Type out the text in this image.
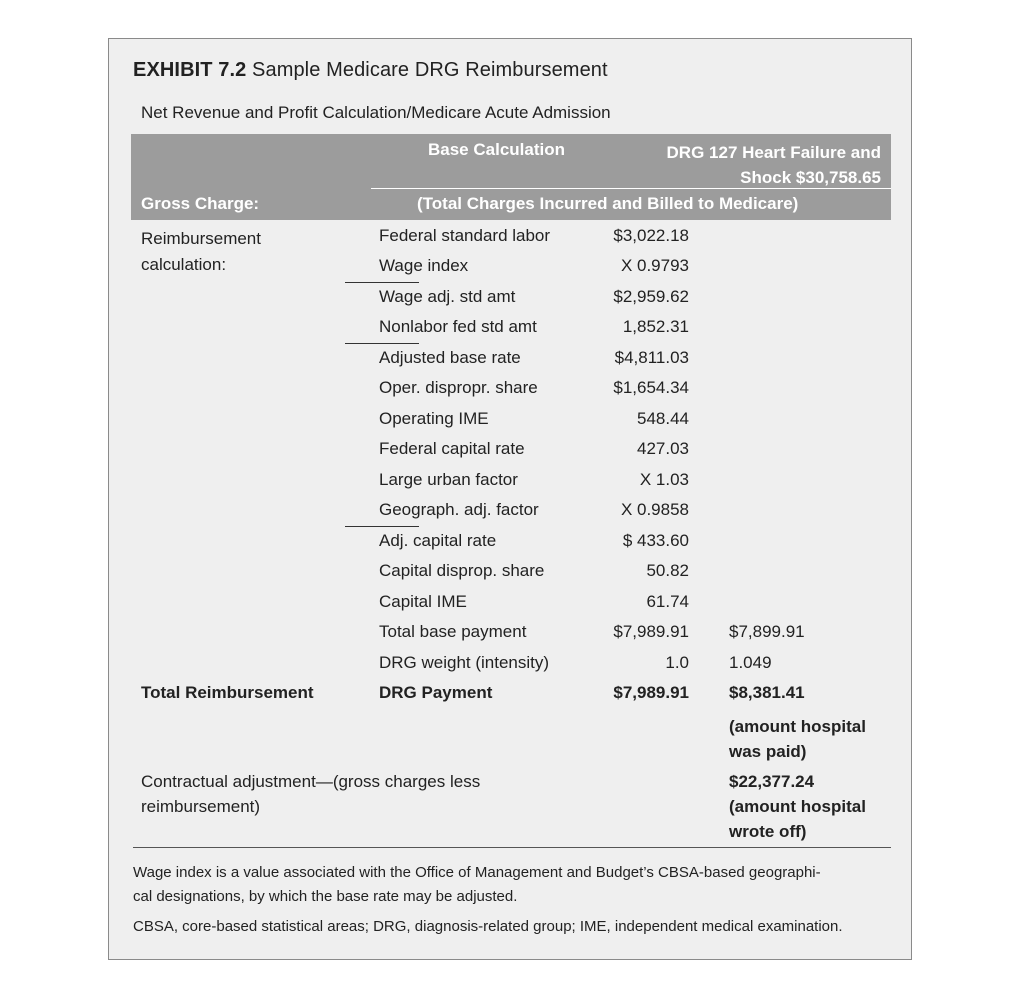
EXHIBIT 7.2 Sample Medicare DRG Reimbursement
Net Revenue and Profit Calculation/Medicare Acute Admission
Base Calculation	DRG 127 Heart Failure and
Shock $30,758.65
Gross Charge:	(Total Charges Incurred and Billed to Medicare)
Reimbursement
calculation:
Federal standard labor	$3,022.18
Wage index	X 0.9793
Wage adj. std amt	$2,959.62
Nonlabor fed std amt	1,852.31
Adjusted base rate	$4,811.03
Oper. dispropr. share	$1,654.34
Operating IME	548.44
Federal capital rate	427.03
Large urban factor	X 1.03
Geograph. adj. factor	X 0.9858
Adj. capital rate	$ 433.60
Capital disprop. share	50.82
Capital IME	61.74
Total base payment	$7,989.91 $7,899.91
DRG weight (intensity)	1.0 1.049
Total Reimbursement	DRG Payment	$7,989.91 $8,381.41
(amount hospital
was paid)
Contractual adjustment—(gross charges less
reimbursement)
$22,377.24
(amount hospital
wrote off)
Wage index is a value associated with the Office of Management and Budget’s CBSA-based geographi-
cal designations, by which the base rate may be adjusted.
CBSA, core-based statistical areas; DRG, diagnosis-related group; IME, independent medical examination.
